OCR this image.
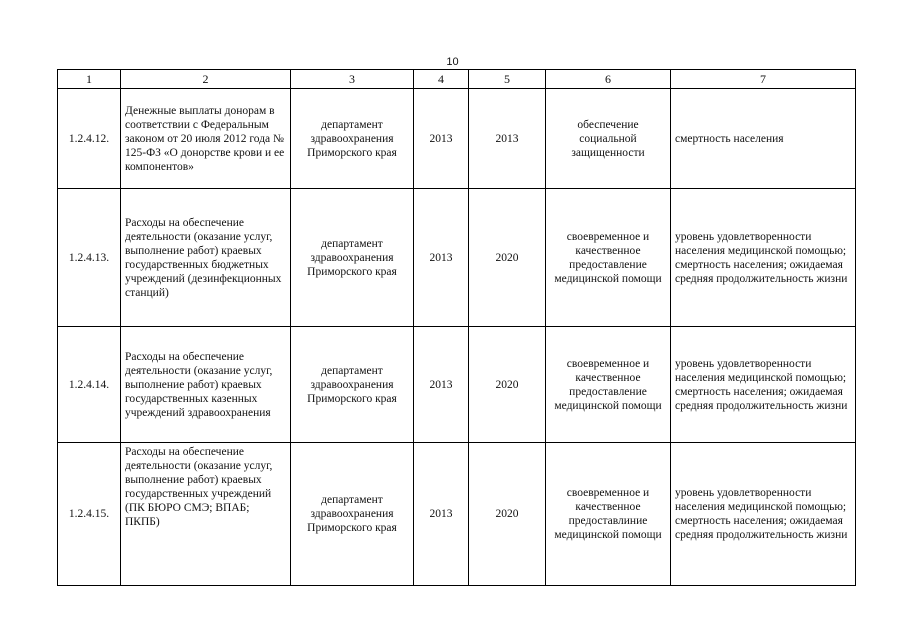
10
1	2	3	4	5	6	7
1.2.4.12.	Денежные выплаты донорам в соответствии с Федеральным законом от 20 июля 2012 года № 125-ФЗ «О донорстве крови и ее компонентов»	департамент здравоохранения Приморского края	2013	2013	обеспечение социальной защищенности	смертность населения
1.2.4.13.	Расходы на обеспечение деятельности (оказание услуг, выполнение работ) краевых государственных бюджетных учреждений (дезинфекционных станций)	департамент здравоохранения Приморского края	2013	2020	своевременное и качественное предоставление медицинской помощи	уровень удовлетворенности населения медицинской помощью; смертность населения; ожидаемая средняя продолжительность жизни
1.2.4.14.	Расходы на обеспечение деятельности (оказание услуг, выполнение работ) краевых государственных казенных учреждений здравоохранения	департамент здравоохранения Приморского края	2013	2020	своевременное и качественное предоставление медицинской помощи	уровень удовлетворенности населения медицинской помощью; смертность населения; ожидаемая средняя продолжительность жизни
1.2.4.15.	Расходы на обеспечение деятельности (оказание услуг, выполнение работ) краевых государственных учреждений (ПК БЮРО СМЭ; ВПАБ; ПКПБ)	департамент здравоохранения Приморского края	2013	2020	своевременное и качественное предоставлиние медицинской помощи	уровень удовлетворенности населения медицинской помощью; смертность населения; ожидаемая средняя продолжительность жизни
